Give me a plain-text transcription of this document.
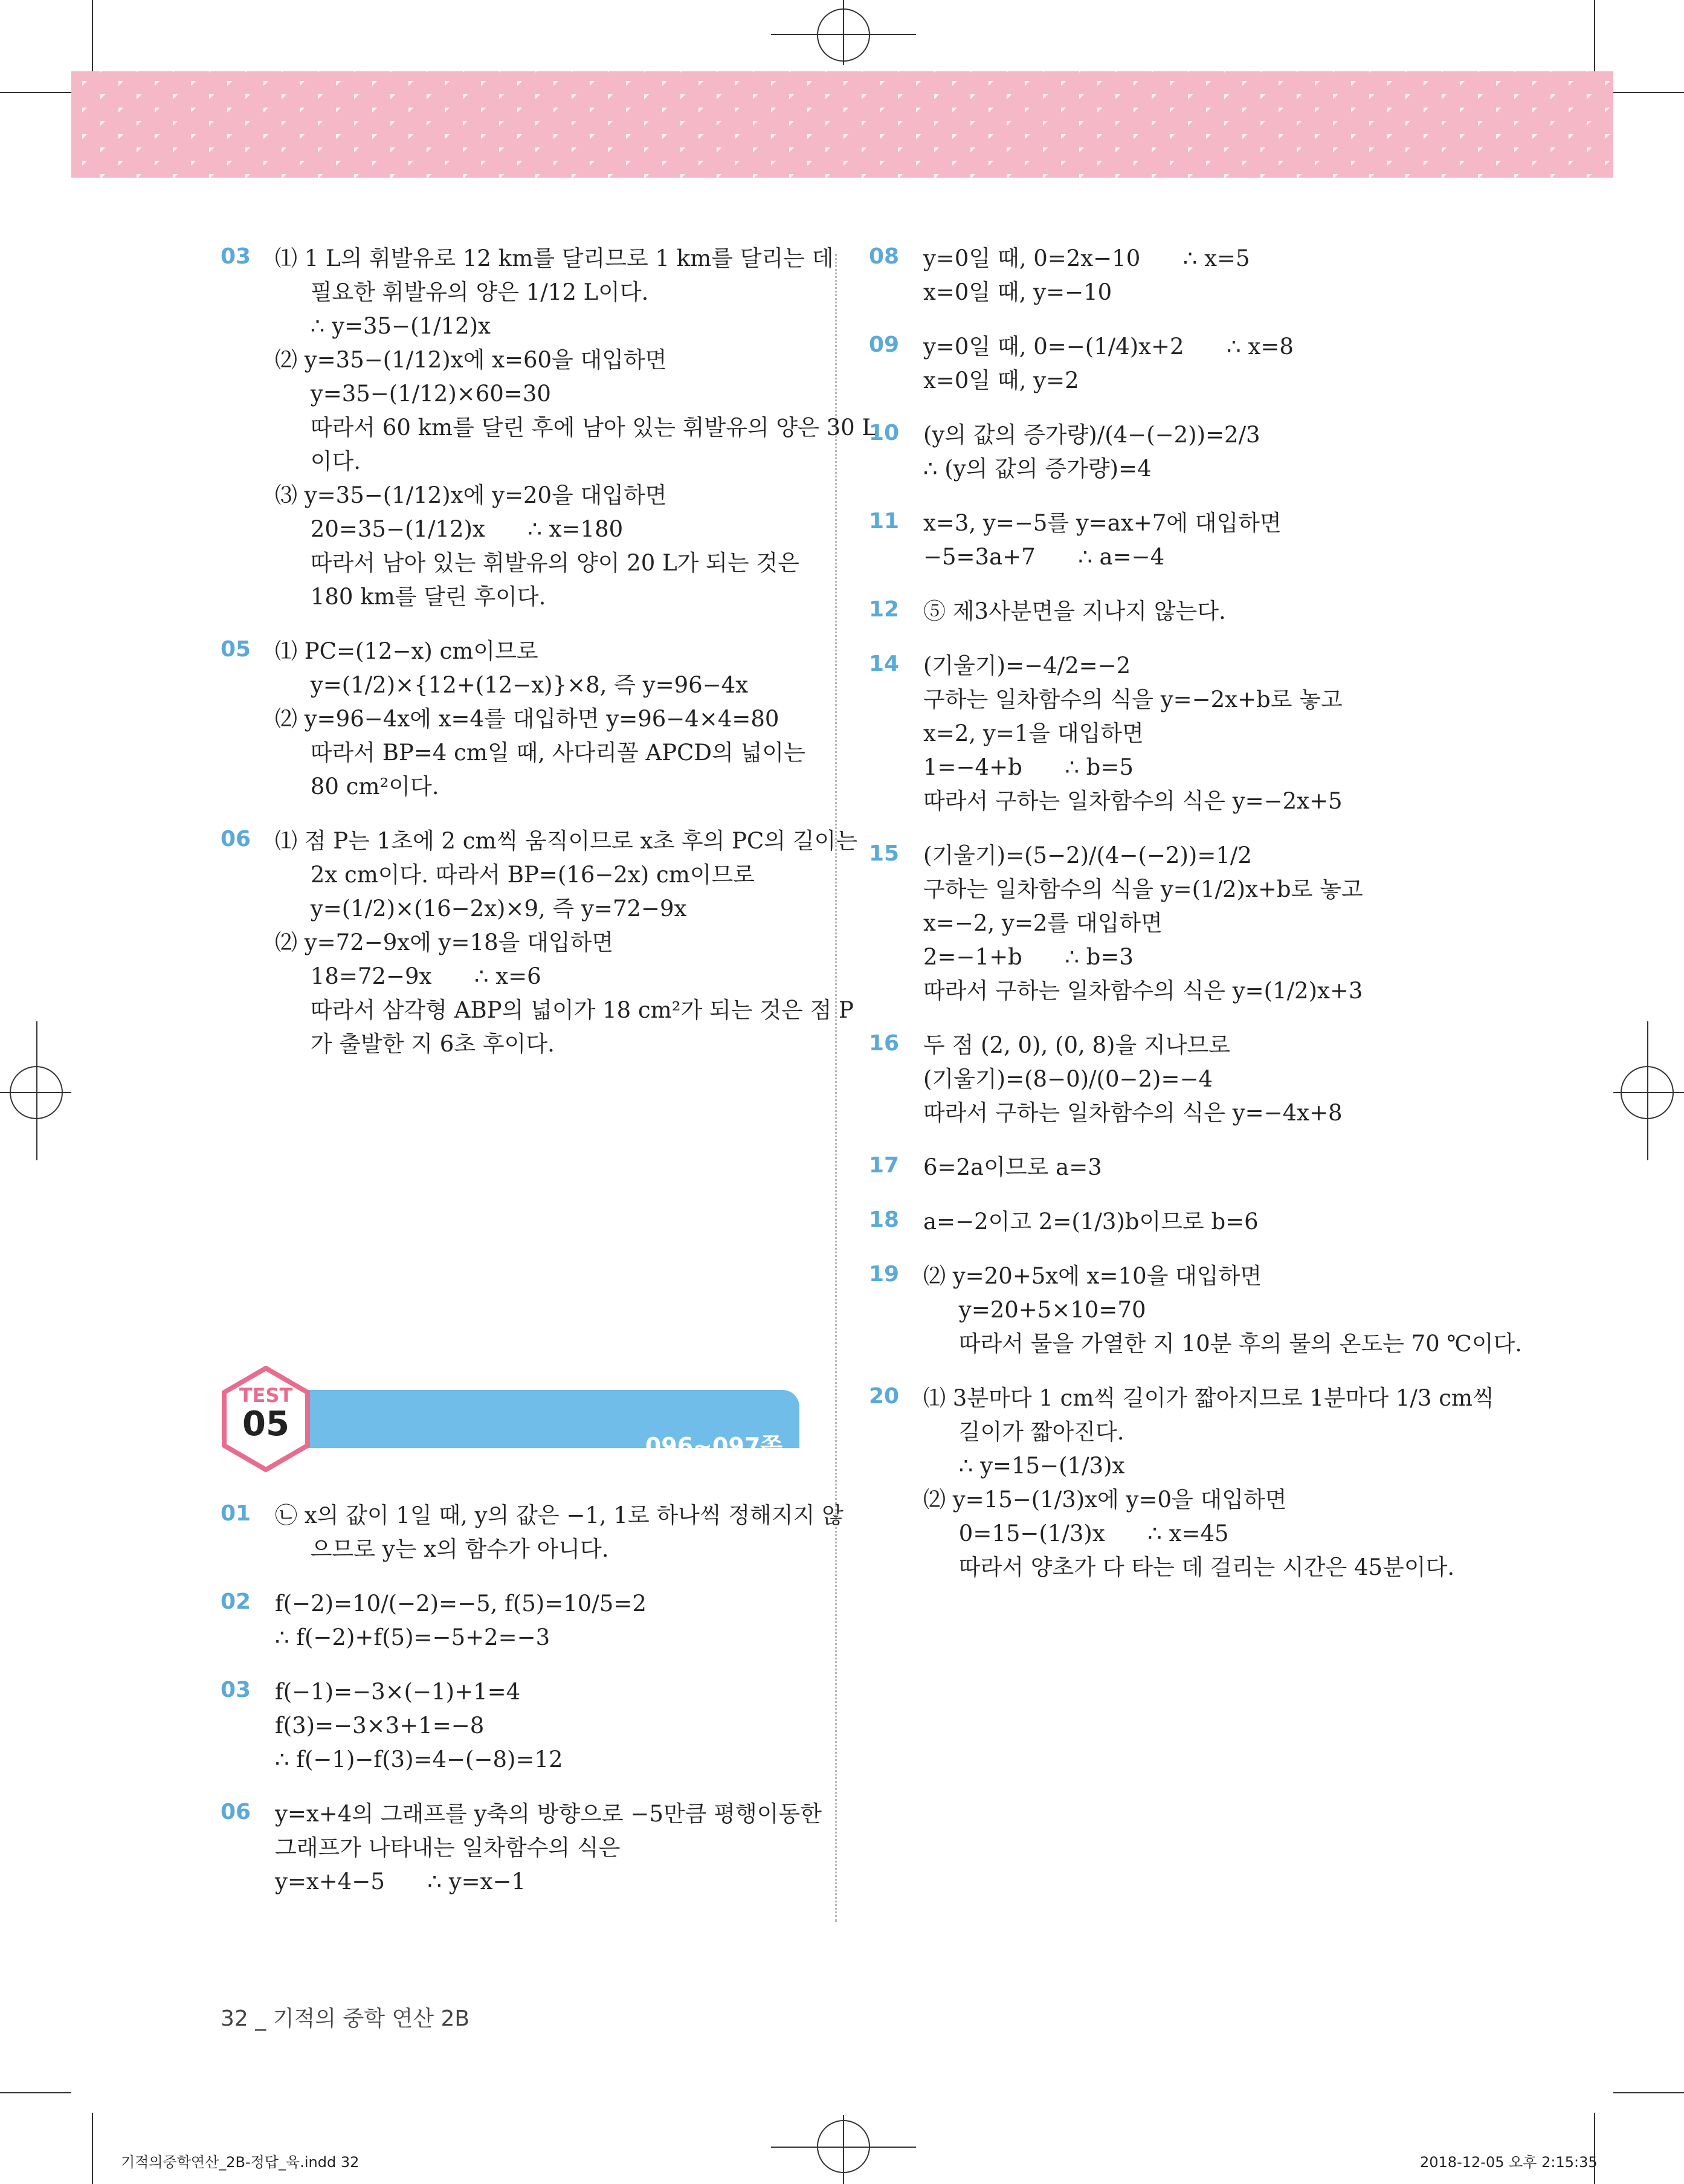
03 ⑴ 1 L의 휘발유로 12 km를 달리므로 1 km를 달리는 데
필요한 휘발유의 양은 1/12 L이다.
∴ y=35−(1/12)x
⑵ y=35−(1/12)x에 x=60을 대입하면
y=35−(1/12)×60=30
따라서 60 km를 달린 후에 남아 있는 휘발유의 양은 30 L
이다.
⑶ y=35−(1/12)x에 y=20을 대입하면
20=35−(1/12)x      ∴ x=180
따라서 남아 있는 휘발유의 양이 20 L가 되는 것은
180 km를 달린 후이다.
05 ⑴ PC=(12−x) cm이므로
y=(1/2)×{12+(12−x)}×8, 즉 y=96−4x
⑵ y=96−4x에 x=4를 대입하면 y=96−4×4=80
따라서 BP=4 cm일 때, 사다리꼴 APCD의 넓이는
80 cm²이다.
06 ⑴ 점 P는 1초에 2 cm씩 움직이므로 x초 후의 PC의 길이는
2x cm이다. 따라서 BP=(16−2x) cm이므로
y=(1/2)×(16−2x)×9, 즉 y=72−9x
⑵ y=72−9x에 y=18을 대입하면
18=72−9x      ∴ x=6
따라서 삼각형 ABP의 넓이가 18 cm²가 되는 것은 점 P
가 출발한 지 6초 후이다.
096~097쪽
TEST
05
01 ㉡ x의 값이 1일 때, y의 값은 −1, 1로 하나씩 정해지지 않
으므로 y는 x의 함수가 아니다.
02 f(−2)=10/(−2)=−5, f(5)=10/5=2
∴ f(−2)+f(5)=−5+2=−3
03 f(−1)=−3×(−1)+1=4
f(3)=−3×3+1=−8
∴ f(−1)−f(3)=4−(−8)=12
06 y=x+4의 그래프를 y축의 방향으로 −5만큼 평행이동한
그래프가 나타내는 일차함수의 식은
y=x+4−5      ∴ y=x−1
08 y=0일 때, 0=2x−10      ∴ x=5
x=0일 때, y=−10
09 y=0일 때, 0=−(1/4)x+2      ∴ x=8
x=0일 때, y=2
10 (y의 값의 증가량)/(4−(−2))=2/3
∴ (y의 값의 증가량)=4
11 x=3, y=−5를 y=ax+7에 대입하면
−5=3a+7      ∴ a=−4
12 ⑤ 제3사분면을 지나지 않는다.
14 (기울기)=−4/2=−2
구하는 일차함수의 식을 y=−2x+b로 놓고
x=2, y=1을 대입하면
1=−4+b      ∴ b=5
따라서 구하는 일차함수의 식은 y=−2x+5
15 (기울기)=(5−2)/(4−(−2))=1/2
구하는 일차함수의 식을 y=(1/2)x+b로 놓고
x=−2, y=2를 대입하면
2=−1+b      ∴ b=3
따라서 구하는 일차함수의 식은 y=(1/2)x+3
16 두 점 (2, 0), (0, 8)을 지나므로
(기울기)=(8−0)/(0−2)=−4
따라서 구하는 일차함수의 식은 y=−4x+8
17 6=2a이므로 a=3
18 a=−2이고 2=(1/3)b이므로 b=6
19 ⑵ y=20+5x에 x=10을 대입하면
y=20+5×10=70
따라서 물을 가열한 지 10분 후의 물의 온도는 70 ℃이다.
20 ⑴ 3분마다 1 cm씩 길이가 짧아지므로 1분마다 1/3 cm씩
길이가 짧아진다.
∴ y=15−(1/3)x
⑵ y=15−(1/3)x에 y=0을 대입하면
0=15−(1/3)x      ∴ x=45
따라서 양초가 다 타는 데 걸리는 시간은 45분이다.
32 _ 기적의 중학 연산 2B
기적의중학연산_2B-정답_육.indd 32	2018-12-05 오후 2:15:35
